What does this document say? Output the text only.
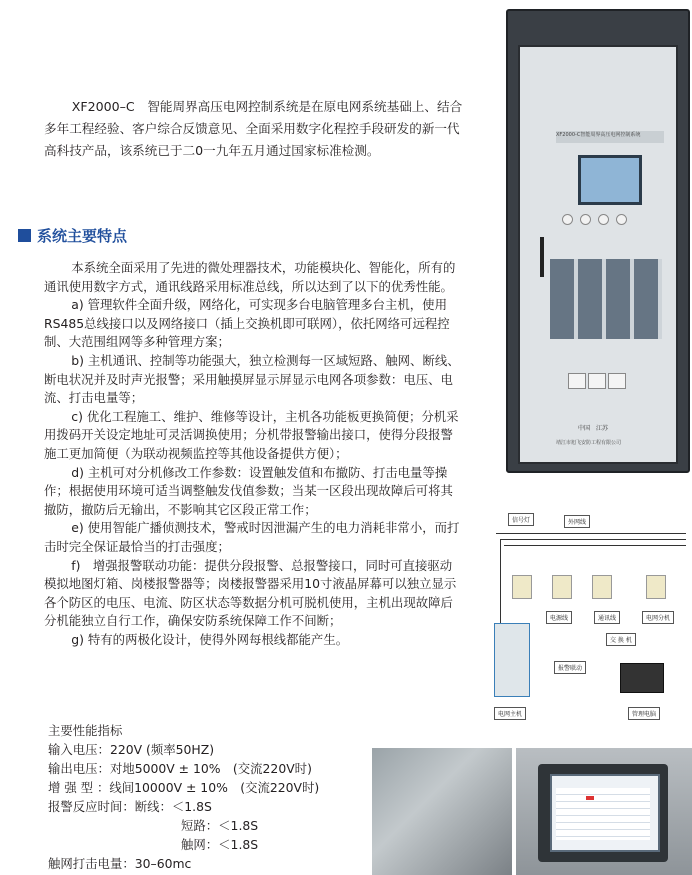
XF2000–C　智能周界高压电网控制系统是在原电网系统基础上、结合多年工程经验、客户综合反馈意见、全面采用数字化程控手段研发的新一代高科技产品，该系统已于二0一九年五月通过国家标准检测。
系统主要特点

本系统全面采用了先进的微处理器技术，功能模块化、智能化，所有的通讯使用数字方式，通讯线路采用标准总线，所以达到了以下的优秀性能。

a) 管理软件全面升级，网络化，可实现多台电脑管理多台主机，使用RS485总线接口以及网络接口（插上交换机即可联网），依托网络可远程控制、大范围组网等多种管理方案；

b) 主机通讯、控制等功能强大，独立检测每一区域短路、触网、断线、断电状况并及时声光报警；采用触摸屏显示屏显示电网各项参数：电压、电流、打击电量等；

c) 优化工程施工、维护、维修等设计，主机各功能板更换简便；分机采用拨码开关设定地址可灵活调换使用；分机带报警输出接口，使得分段报警施工更加简便（为联动视频监控等其他设备提供方便）；

d) 主机可对分机修改工作参数：设置触发值和布撤防、打击电量等操作；根据使用环境可适当调整触发伐值参数；当某一区段出现故障后可将其撤防，撤防后无输出，不影响其它区段正常工作；

e) 使用智能广播侦测技术，警戒时因泄漏产生的电力消耗非常小，而打击时完全保证最恰当的打击强度；

f)　增强报警联动功能：提供分段报警、总报警接口，同时可直接驱动模拟地图灯箱、岗楼报警器等；岗楼报警器采用10寸液晶屏幕可以独立显示各个防区的电压、电流、防区状态等数据分机可脱机使用，主机出现故障后分机能独立自行工作，确保安防系统保障工作不间断；

g) 特有的两极化设计，使得外网每根线都能产生。

主要性能指标
输入电压：220V (频率50HZ)
输出电压：对地5000V ± 10%　(交流220V时)
增 强 型 ：线间10000V ± 10%　(交流220V时)
报警反应时间：断线：＜1.8S
短路：＜1.8S
触网：＜1.8S
触网打击电量：30–60mc
XF2000-C智能周界高压电网控制系统
中国　江苏
靖江市旭飞安防工程有限公司
信号灯	外网线
电源线	通讯线	电网分机
交 换 机
报警联动
电网主机	管理电脑
